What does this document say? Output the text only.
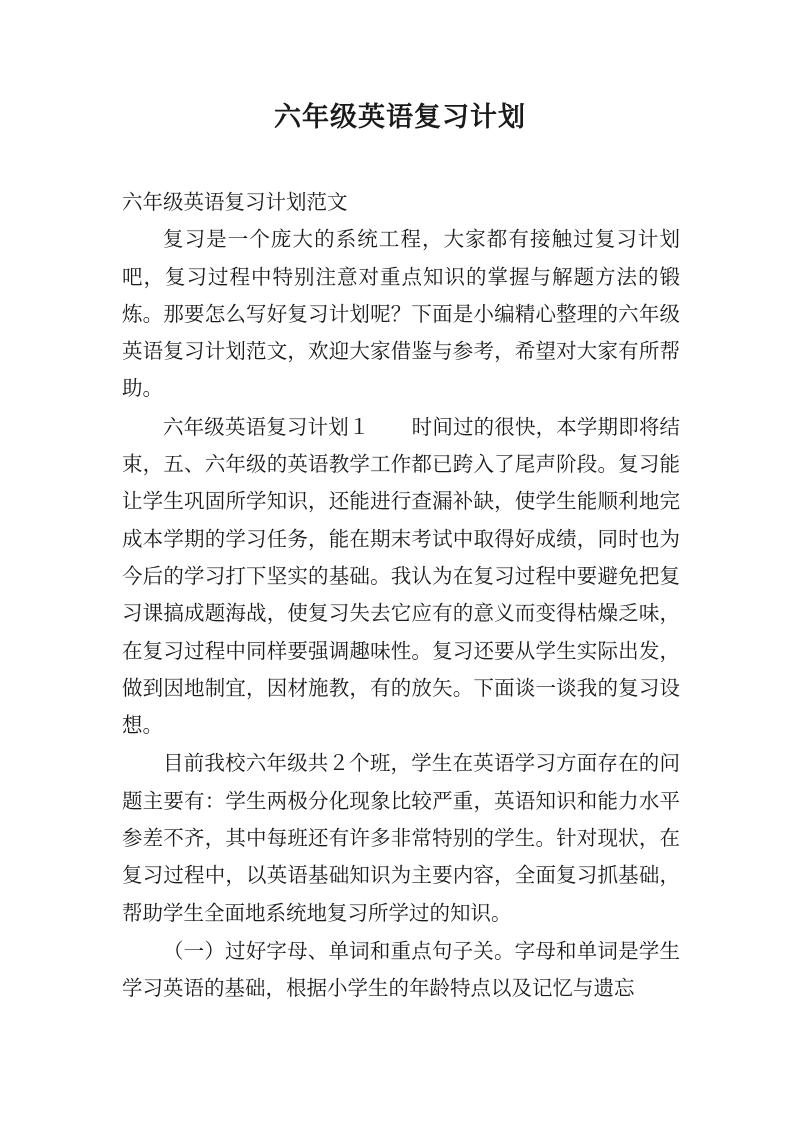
六年级英语复习计划

六年级英语复习计划范文

复习是一个庞大的系统工程，大家都有接触过复习计划吧，复习过程中特别注意对重点知识的掌握与解题方法的锻炼。那要怎么写好复习计划呢？下面是小编精心整理的六年级英语复习计划范文，欢迎大家借鉴与参考，希望对大家有所帮助。

六年级英语复习计划１ 时间过的很快，本学期即将结束，五、六年级的英语教学工作都已跨入了尾声阶段。复习能让学生巩固所学知识，还能进行查漏补缺，使学生能顺利地完成本学期的学习任务，能在期末考试中取得好成绩，同时也为今后的学习打下坚实的基础。我认为在复习过程中要避免把复习课搞成题海战，使复习失去它应有的意义而变得枯燥乏味，在复习过程中同样要强调趣味性。复习还要从学生实际出发，做到因地制宜，因材施教，有的放矢。下面谈一谈我的复习设想。

目前我校六年级共２个班，学生在英语学习方面存在的问题主要有：学生两极分化现象比较严重，英语知识和能力水平参差不齐，其中每班还有许多非常特别的学生。针对现状，在复习过程中，以英语基础知识为主要内容，全面复习抓基础，帮助学生全面地系统地复习所学过的知识。

（一）过好字母、单词和重点句子关。字母和单词是学生学习英语的基础，根据小学生的年龄特点以及记忆与遗忘
